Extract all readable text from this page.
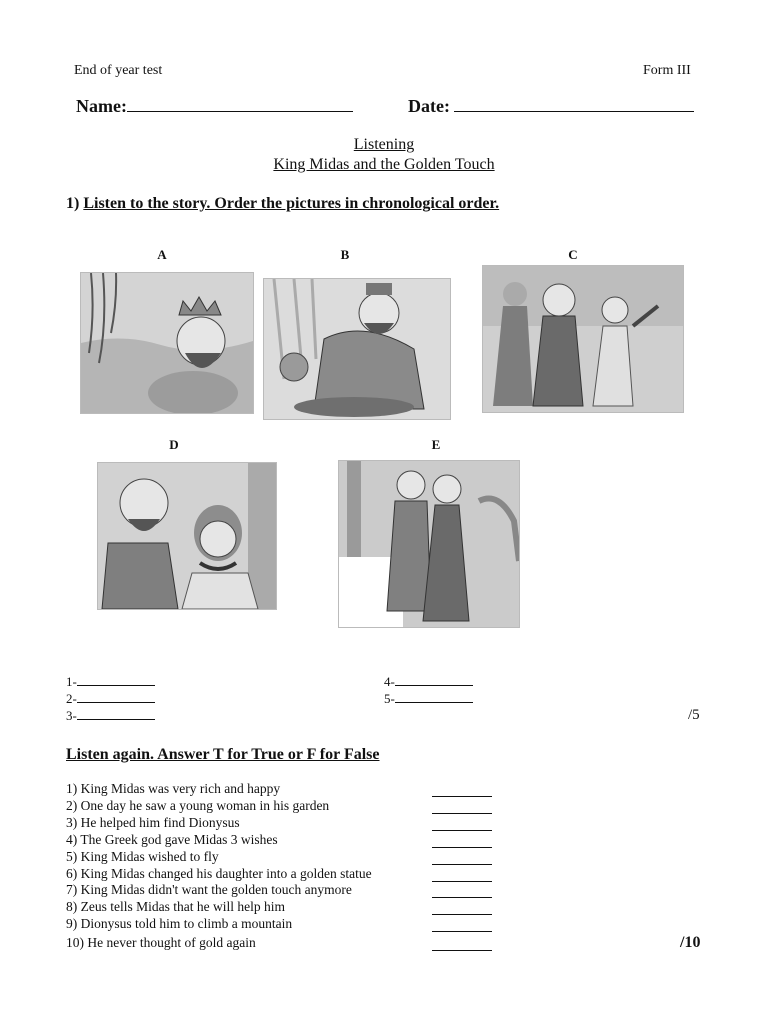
End of year test	Form III
Name:	Date:
Listening
King Midas and the Golden Touch
1) Listen to the story. Order the pictures in chronological order.
A	B	C
D	E
1-
2-
3-
4-
5-
/5
Listen again. Answer T for True or F for False
1) King Midas was very rich and happy
2) One day he saw a young woman in his garden
3) He helped him find Dionysus
4) The Greek god gave Midas 3 wishes
5) King Midas wished to fly
6) King Midas changed his daughter into a golden statue
7) King Midas didn't want the golden touch anymore
8) Zeus tells Midas that he will help him
9) Dionysus told him to climb a mountain
10) He never thought of gold again	/10
